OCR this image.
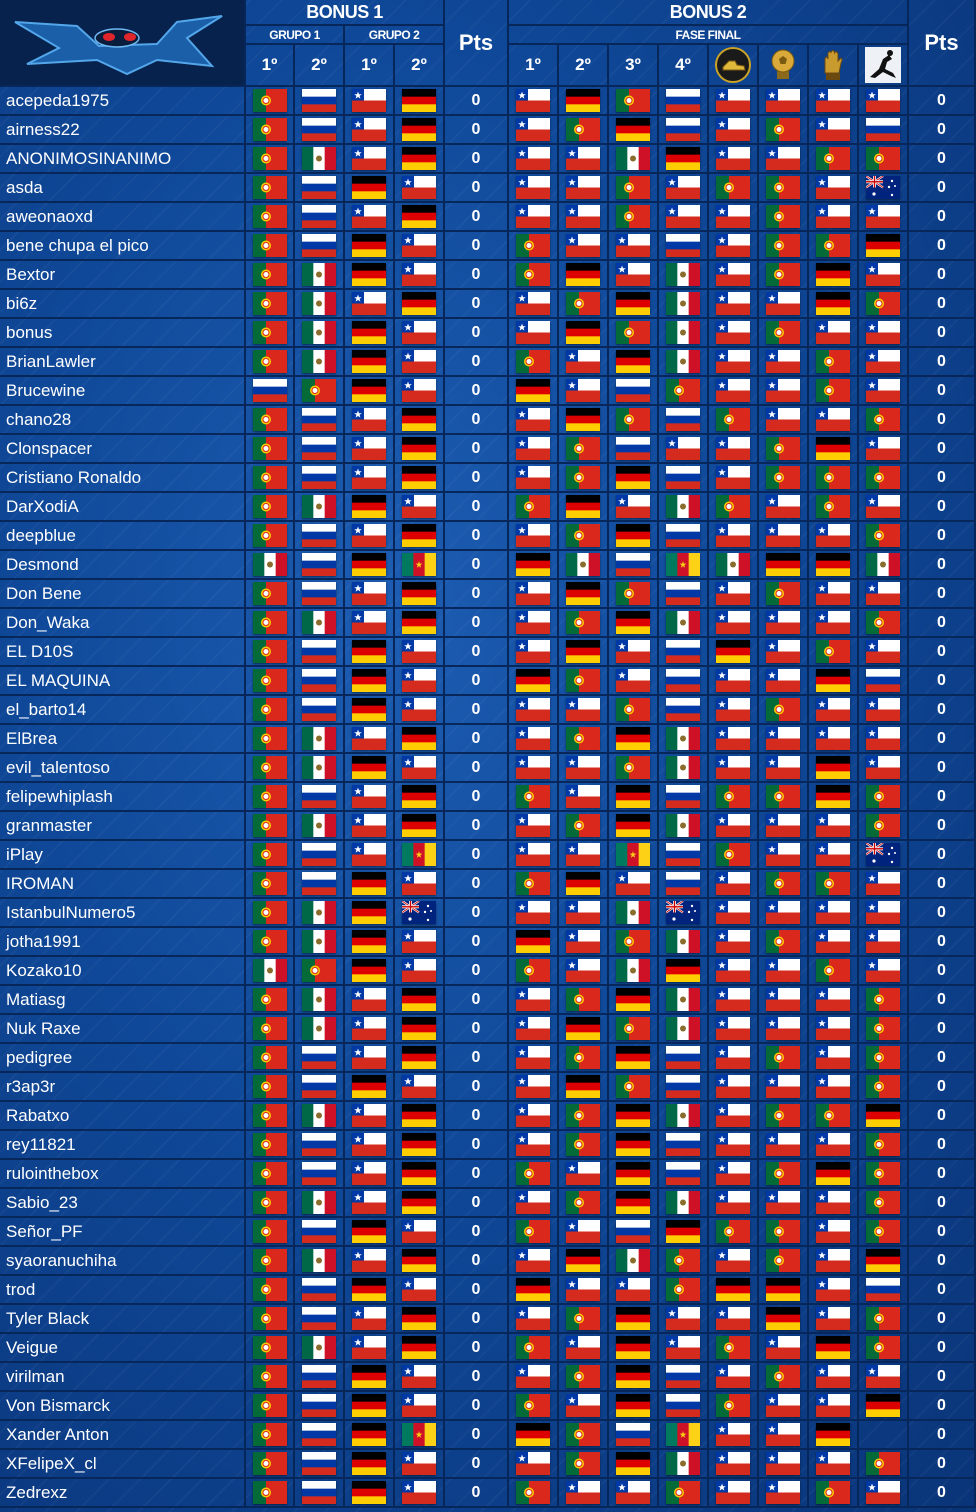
BONUS 1	BONUS 2
Pts	Pts
GRUPO 1	GRUPO 2	FASE FINAL
1º 2º 1º 2º	1º 2º 3º 4º
acepeda1975	0	0
airness22	0	0
ANONIMOSINANIMO	0	0
asda	0	0
aweonaoxd	0	0
bene chupa el pico	0	0
Bextor	0	0
bi6z	0	0
bonus	0	0
BrianLawler	0	0
Brucewine	0	0
chano28	0	0
Clonspacer	0	0
Cristiano Ronaldo	0	0
DarXodiA	0	0
deepblue	0	0
Desmond	0	0
Don Bene	0	0
Don_Waka	0	0
EL D10S	0	0
EL MAQUINA	0	0
el_barto14	0	0
ElBrea	0	0
evil_talentoso	0	0
felipewhiplash	0	0
granmaster	0	0
iPlay	0	0
IROMAN	0	0
IstanbulNumero5	0	0
jotha1991	0	0
Kozako10	0	0
Matiasg	0	0
Nuk Raxe	0	0
pedigree	0	0
r3ap3r	0	0
Rabatxo	0	0
rey11821	0	0
rulointhebox	0	0
Sabio_23	0	0
Señor_PF	0	0
syaoranuchiha	0	0
trod	0	0
Tyler Black	0	0
Veigue	0	0
virilman	0	0
Von Bismarck	0	0
Xander Anton	0	0
XFelipeX_cl	0	0
Zedrexz	0	0
